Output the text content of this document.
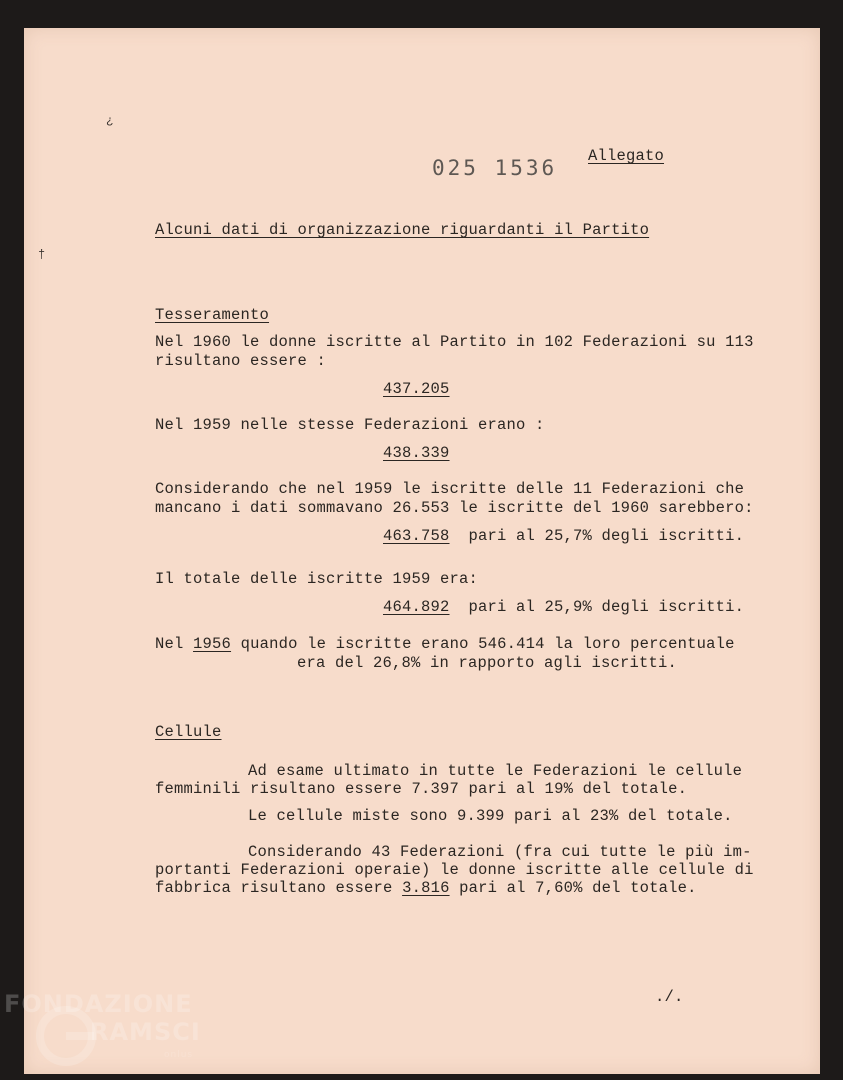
¿
†
025 1536 Allegato
Alcuni dati di organizzazione riguardanti il Partito
Tesseramento
Nel 1960 le donne iscritte al Partito in 102 Federazioni su 113
risultano essere :
437.205
Nel 1959 nelle stesse Federazioni erano :
438.339
Considerando che nel 1959 le iscritte delle 11 Federazioni che
mancano i dati sommavano 26.553 le iscritte del 1960 sarebbero:
463.758 pari al 25,7% degli iscritti.
Il totale delle iscritte 1959 era:
464.892 pari al 25,9% degli iscritti.
Nel 1956 quando le iscritte erano 546.414 la loro percentuale
era del 26,8% in rapporto agli iscritti.
Cellule
Ad esame ultimato in tutte le Federazioni le cellule
femminili risultano essere 7.397 pari al 19% del totale.
Le cellule miste sono 9.399 pari al 23% del totale.
Considerando 43 Federazioni (fra cui tutte le più im-
portanti Federazioni operaie) le donne iscritte alle cellule di
fabbrica risultano essere 3.816 pari al 7,60% del totale.
./.
FONDAZIONE
RAMSCI
onlus
